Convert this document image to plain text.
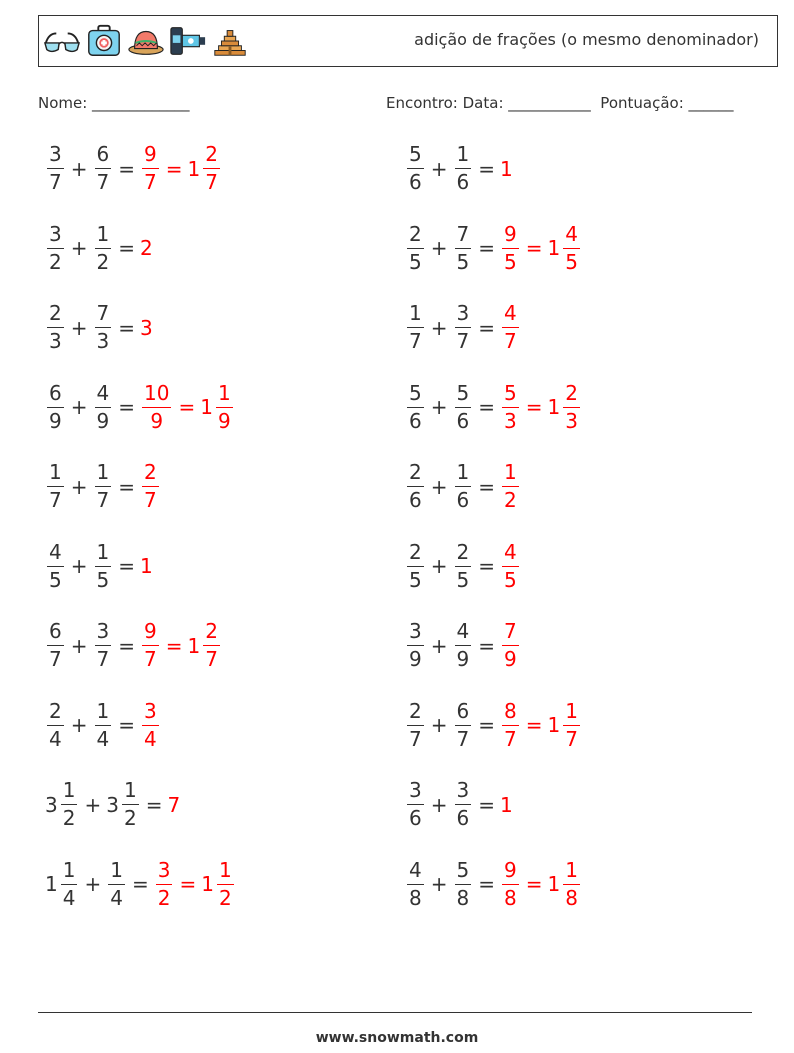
adição de frações (o mesmo denominador)
Nome: _____________	Encontro: Data: ___________  Pontuação: ______
$\frac{3}{7} + \frac{6}{7} = \frac{9}{7} = 1 \frac{2}{7}$	$\frac{5}{6} + \frac{1}{6} = 1$
$\frac{3}{2} + \frac{1}{2} = 2$	$\frac{2}{5} + \frac{7}{5} = \frac{9}{5} = 1 \frac{4}{5}$
$\frac{2}{3} + \frac{7}{3} = 3$	$\frac{1}{7} + \frac{3}{7} = \frac{4}{7}$
$\frac{6}{9} + \frac{4}{9} = \frac{10}{9} = 1 \frac{1}{9}$	$\frac{5}{6} + \frac{5}{6} = \frac{5}{3} = 1 \frac{2}{3}$
$\frac{1}{7} + \frac{1}{7} = \frac{2}{7}$	$\frac{2}{6} + \frac{1}{6} = \frac{1}{2}$
$\frac{4}{5} + \frac{1}{5} = 1$	$\frac{2}{5} + \frac{2}{5} = \frac{4}{5}$
$\frac{6}{7} + \frac{3}{7} = \frac{9}{7} = 1 \frac{2}{7}$	$\frac{3}{9} + \frac{4}{9} = \frac{7}{9}$
$\frac{2}{4} + \frac{1}{4} = \frac{3}{4}$	$\frac{2}{7} + \frac{6}{7} = \frac{8}{7} = 1 \frac{1}{7}$
$3 \frac{1}{2} + 3 \frac{1}{2} = 7$	$\frac{3}{6} + \frac{3}{6} = 1$
$1 \frac{1}{4} + \frac{1}{4} = \frac{3}{2} = 1 \frac{1}{2}$	$\frac{4}{8} + \frac{5}{8} = \frac{9}{8} = 1 \frac{1}{8}$
www.snowmath.com
